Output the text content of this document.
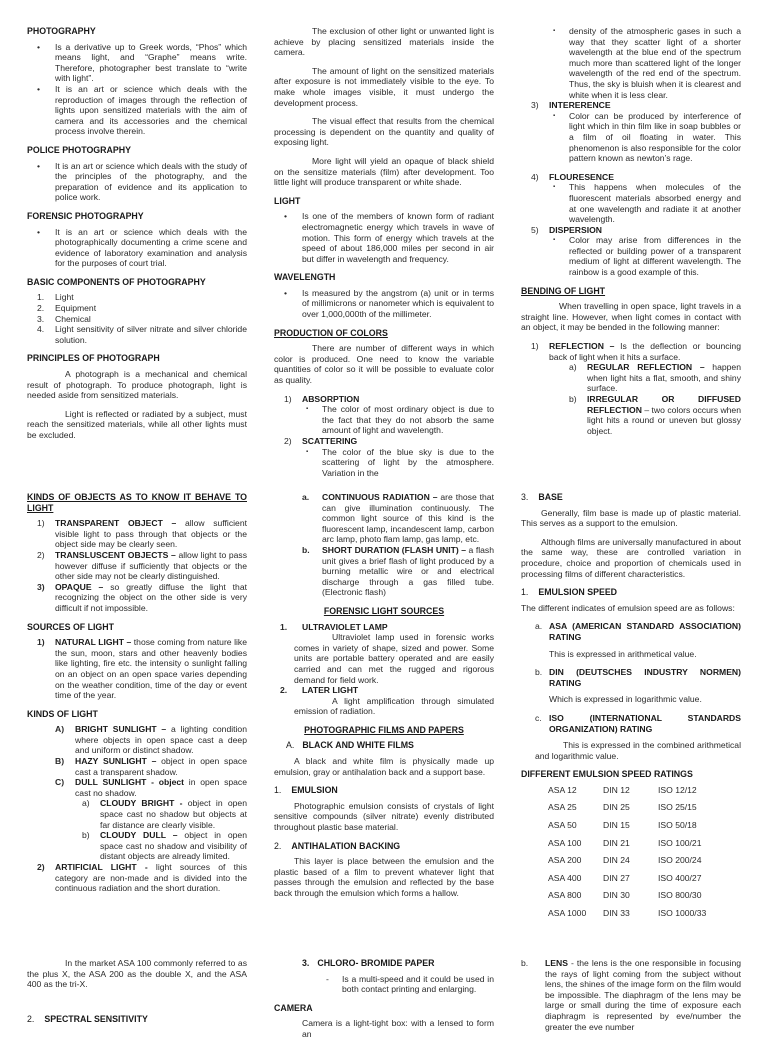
PHOTOGRAPHY
• Is a derivative up to Greek words, “Phos” which means light, and “Graphe” means write. Therefore, photographer best translate to “write with light”.
• It is an art or science which deals with the reproduction of images through the reflection of lights upon sensitized materials with the aim of camera and its accessories and the chemical process involve therein.
POLICE PHOTOGRAPHY
• It is an art or science which deals with the study of the principles of the photography, and the preparation of evidence and its application to police work.
FORENSIC PHOTOGRAPHY
• It is an art or science which deals with the photographically documenting a crime scene and evidence of laboratory examination and analysis for the purposes of court trial.
BASIC COMPONENTS OF PHOTOGRAPHY
1. Light
2. Equipment
3. Chemical
4. Light sensitivity of silver nitrate and silver chloride solution.
PRINCIPLES OF PHOTOGRAPH

A photograph is a mechanical and chemical result of photograph. To produce photograph, light is needed aside from sensitized materials.

Light is reflected or radiated by a subject, must reach the sensitized materials, while all other lights must be excluded.

The exclusion of other light or unwanted light is achieve by placing sensitized materials inside the camera.

The amount of light on the sensitized materials after exposure is not immediately visible to the eye. To make whole images visible, it must undergo the development process.

The visual effect that results from the chemical processing is dependent on the quantity and quality of exposing light.

More light will yield an opaque of black shield on the sensitize materials (film) after development. Too little light will produce transparent or white shade.

LIGHT
• Is one of the members of known form of radiant electromagnetic energy which travels in wave of motion. This form of energy which travels at the speed of about 186,000 miles per second in air but differ in wavelength and frequency.
WAVELENGTH
• Is measured by the angstrom (a) unit or in terms of millimicrons or nanometer which is equivalent to over 1,000,000th of the millimeter.
PRODUCTION OF COLORS

There are number of different ways in which color is produced. One need to know the variable quantities of color so it will be possible to evaluate color as quality.

1) ABSORPTION
▪ The color of most ordinary object is due to the fact that they do not absorb the same amount of light and wavelength.
2) SCATTERING
▪ The color of the blue sky is due to the scattering of light by the atmosphere. Variation in the
▪ density of the atmospheric gases in such a way that they scatter light of a shorter wavelength at the blue end of the spectrum much more than scattered light of the longer wavelength of the red end of the spectrum. Thus, the sky is bluish when it is clearest and white when it is less clear.
3) INTERERENCE
▪ Color can be produced by interference of light which in thin film like in soap bubbles or a film of oil floating in water. This phenomenon is also responsible for the color pattern known as newton’s rage.
4) FLOURESENCE
▪ This happens when molecules of the fluorescent materials absorbed energy and at one wavelength and radiate it at another wavelength.
5) DISPERSION
▪ Color may arise from differences in the reflected or building power of a transparent medium of light at different wavelength. The rainbow is a good example of this.
BENDING OF LIGHT

When travelling in open space, light travels in a straight line. However, when light comes in contact with an object, it may be bended in the following manner:

1) REFLECTION – Is the deflection or bouncing back of light when it hits a surface.
a) REGULAR REFLECTION – happen when light hits a flat, smooth, and shiny surface.
b) IRREGULAR OR DIFFUSED REFLECTION – two colors occurs when light hits a round or uneven but glossy object.
KINDS OF OBJECTS AS TO KNOW IT BEHAVE TO LIGHT
1) TRANSPARENT OBJECT – allow sufficient visible light to pass through that objects or the object side may be clearly seen.
2) TRANSLUSCENT OBJECTS – allow light to pass however diffuse if sufficiently that objects or the other side may not be clearly distinguished.
3) OPAQUE – so greatly diffuse the light that recognizing the object on the other side is very difficult if not impossible.
SOURCES OF LIGHT
1) NATURAL LIGHT – those coming from nature like the sun, moon, stars and other heavenly bodies like lighting, fire etc. the intensity o sunlight falling on an object on an open space varies depending on the weather condition, time of the day or event time of the year.
KINDS OF LIGHT
A) BRIGHT SUNLIGHT – a lighting condition where objects in open space cast a deep and uniform or distinct shadow.
B) HAZY SUNLIGHT – object in open space cast a transparent shadow.
C) DULL SUNLIGHT - object in open space cast no shadow.
a) CLOUDY BRIGHT - object in open space cast no shadow but objects at far distance are clearly visible.
b) CLOUDY DULL – object in open space cast no shadow and visibility of distant objects are already limited.
2) ARTIFICIAL LIGHT - light sources of this category are non-made and is divided into the continuous radiation and the short duration.
a. CONTINUOUS RADIATION – are those that can give illumination continuously. The common light source of this kind is the fluorescent lamp, incandescent lamp, carbon arc lamp, photo flam lamp, gas lamp, etc.
b. SHORT DURATION (FLASH UNIT) – a flash unit gives a brief flash of light produced by a burning metallic wire or and electrical discharge through a gas filled tube. (Electronic flash)
FORENSIC LIGHT SOURCES
1. ULTRAVIOLET LAMP

Ultraviolet lamp used in forensic works comes in variety of shape, sized and power. Some units are portable battery operated and are easily carried and can met the rugged and rigorous demand for field work.

2. LATER LIGHT

A light amplification through simulated emission of radiation.

PHOTOGRAPHIC FILMS AND PAPERS
A. BLACK AND WHITE FILMS

A black and white film is physically made up emulsion, gray or antihalation back and a support base.

1. EMULSION

Photographic emulsion consists of crystals of light sensitive compounds (silver nitrate) evenly distributed throughout plastic base material.

2. ANTIHALATION BACKING

This layer is place between the emulsion and the plastic based of a film to prevent whatever light that passes through the emulsion and reflected by the base back through the emulsion which forms a hallow.

3. BASE

Generally, film base is made up of plastic material. This serves as a support to the emulsion.

Although films are universally manufactured in about the same way, these are controlled variation in procedure, choice and proportion of chemicals used in processing films of different characteristics.

1. EMULSION SPEED

The different indicates of emulsion speed are as follows:

a. ASA (AMERICAN STANDARD ASSOCIATION) RATING

This is expressed in arithmetical value.

b. DIN (DEUTSCHES INDUSTRY NORMEN) RATING

Which is expressed in logarithmic value.

c. ISO (INTERNATIONAL STANDARDS ORGANIZATION) RATING

This is expressed in the combined arithmetical and logarithmic value.

DIFFERENT EMULSION SPEED RATINGS
ASA 12	DIN 12	ISO 12/12
ASA 25	DIN 25	ISO 25/15
ASA 50	DIN 15	ISO 50/18
ASA 100	DIN 21	ISO 100/21
ASA 200	DIN 24	ISO 200/24
ASA 400	DIN 27	ISO 400/27
ASA 800	DIN 30	ISO 800/30
ASA 1000	DIN 33	ISO 1000/33

In the market ASA 100 commonly referred to as the plus X, the ASA 200 as the double X, and the ASA 400 as the tri-X.

2. SPECTRAL SENSITIVITY
3. CHLORO- BROMIDE PAPER
- Is a multi-speed and it could be used in both contact printing and enlarging.
CAMERA

Camera is a light-tight box: with a lensed to form an

b. LENS - the lens is the one responsible in focusing the rays of light coming from the subject without lens, the shines of the image form on the film would be impossible. The diaphragm of the lens may be large or small during the time of exposure each diaphragm is represented by eve/number the greater the eve number
